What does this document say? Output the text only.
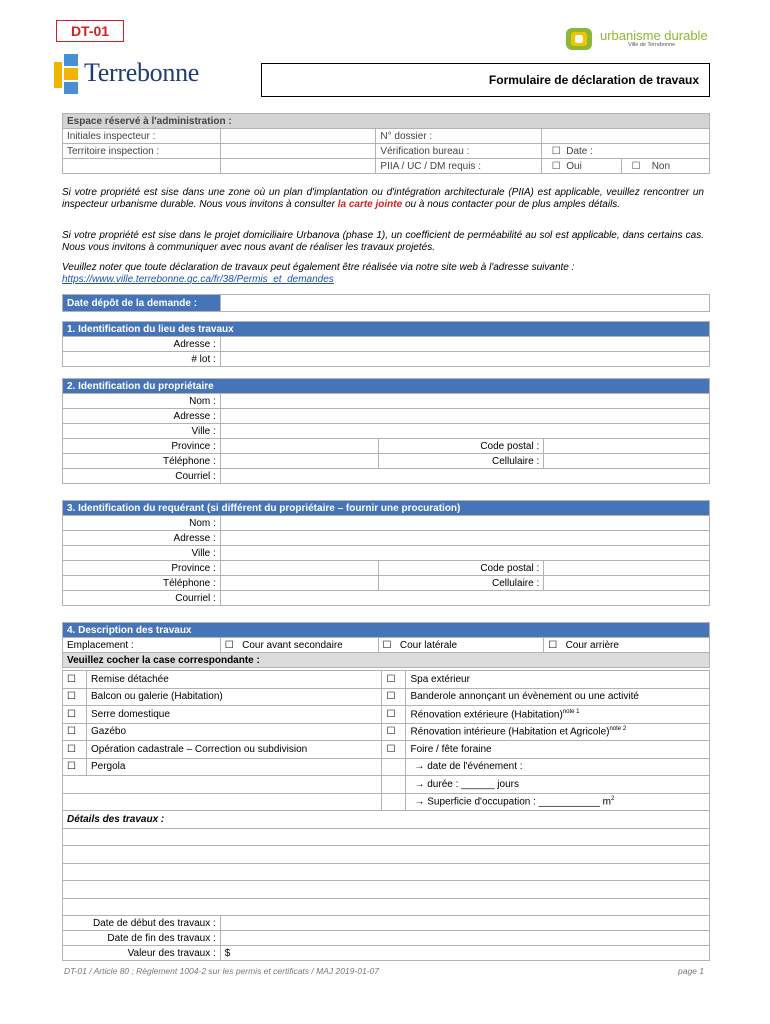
DT-01	urbanisme durable
Ville de Terrebonne
Terrebonne	Formulaire de déclaration de travaux
Espace réservé à l'administration :				
Initiales inspecteur :		N° dossier :		
Territoire inspection :		Vérification bureau :	☐ Date :	
		PIIA / UC / DM requis :	☐ Oui	☐ Non

Si votre propriété est sise dans une zone où un plan d'implantation ou d'intégration architecturale (PIIA) est applicable, veuillez rencontrer un inspecteur urbanisme durable. Nous vous invitons à consulter la carte jointe ou à nous contacter pour de plus amples détails.

Si votre propriété est sise dans le projet domiciliaire Urbanova (phase 1), un coefficient de perméabilité au sol est applicable, dans certains cas. Nous vous invitons à communiquer avec nous avant de réaliser les travaux projetés.

Veuillez noter que toute déclaration de travaux peut également être réalisée via notre site web à l'adresse suivante :
https://www.ville.terrebonne.qc.ca/fr/38/Permis_et_demandes

Date dépôt de la demande :	
1. Identification du lieu des travaux	
Adresse :	
# lot :	
2. Identification du propriétaire			
Nom :			
Adresse :			
Ville :			
Province :		Code postal :	
Téléphone :		Cellulaire :	
Courriel :			
3. Identification du requérant (si différent du propriétaire – fournir une procuration)			
Nom :			
Adresse :			
Ville :			
Province :		Code postal :	
Téléphone :		Cellulaire :	
Courriel :			
4. Description des travaux
Emplacement :	☐ Cour avant secondaire	☐ Cour latérale	☐ Cour arrière
Veuillez cocher la case correspondante :
☐	Remise détachée	☐	Spa extérieur
☐	Balcon ou galerie (Habitation)	☐	Banderole annonçant un évènement ou une activité
☐	Serre domestique	☐	Rénovation extérieure (Habitation)$^{note 1}$
☐	Gazébo	☐	Rénovation intérieure (Habitation et Agricole)$^{note 2}$
☐	Opération cadastrale – Correction ou subdivision	☐	Foire / fête foraine
☐	Pergola		→ date de l'événement :
			→ durée : ______ jours
			→ Superficie d'occupation : ___________ $m^2$
Détails des travaux :	

Date de début des travaux :	
Date de fin des travaux :	
Valeur des travaux :	$
DT-01 / Article 80 ; Règlement 1004-2 sur les permis et certificats / MAJ 2019-01-07	page 1
